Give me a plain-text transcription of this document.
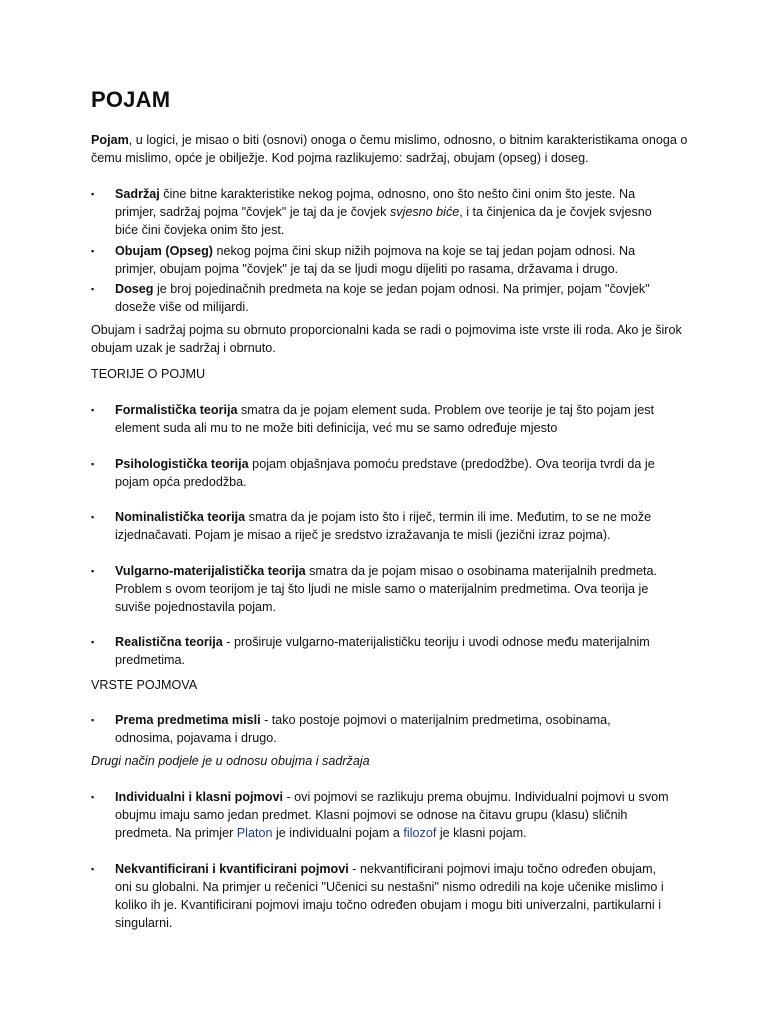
POJAM

Pojam, u logici, je misao o biti (osnovi) onoga o čemu mislimo, odnosno, o bitnim karakteristikama onoga o čemu mislimo, opće je obilježje. Kod pojma razlikujemo: sadržaj, obujam (opseg) i doseg.

▪	Sadržaj čine bitne karakteristike nekog pojma, odnosno, ono što nešto čini onim što jeste. Na primjer, sadržaj pojma "čovjek" je taj da je čovjek svjesno biće, i ta činjenica da je čovjek svjesno biće čini čovjeka onim što jest.
▪	Obujam (Opseg) nekog pojma čini skup nižih pojmova na koje se taj jedan pojam odnosi. Na primjer, obujam pojma "čovjek" je taj da se ljudi mogu dijeliti po rasama, državama i drugo.
▪	Doseg je broj pojedinačnih predmeta na koje se jedan pojam odnosi. Na primjer, pojam "čovjek" doseže više od milijardi.

Obujam i sadržaj pojma su obrnuto proporcionalni kada se radi o pojmovima iste vrste ili roda. Ako je širok obujam uzak je sadržaj i obrnuto.

TEORIJE O POJMU
▪	Formalistička teorija smatra da je pojam element suda. Problem ove teorije je taj što pojam jest element suda ali mu to ne može biti definicija, već mu se samo određuje mjesto
▪	Psihologistička teorija pojam objašnjava pomoću predstave (predodžbe). Ova teorija tvrdi da je pojam opća predodžba.
▪	Nominalistička teorija smatra da je pojam isto što i riječ, termin ili ime. Međutim, to se ne može izjednačavati. Pojam je misao a riječ je sredstvo izražavanja te misli (jezični izraz pojma).
▪	Vulgarno-materijalistička teorija smatra da je pojam misao o osobinama materijalnih predmeta. Problem s ovom teorijom je taj što ljudi ne misle samo o materijalnim predmetima. Ova teorija je suviše pojednostavila pojam.
▪	Realistična teorija - proširuje vulgarno-materijalističku teoriju i uvodi odnose među materijalnim predmetima.
VRSTE POJMOVA
▪	Prema predmetima misli - tako postoje pojmovi o materijalnim predmetima, osobinama, odnosima, pojavama i drugo.
Drugi način podjele je u odnosu obujma i sadržaja
▪	Individualni i klasni pojmovi - ovi pojmovi se razlikuju prema obujmu. Individualni pojmovi u svom obujmu imaju samo jedan predmet. Klasni pojmovi se odnose na čitavu grupu (klasu) sličnih predmeta. Na primjer Platon je individualni pojam a filozof je klasni pojam.
▪	Nekvantificirani i kvantificirani pojmovi - nekvantificirani pojmovi imaju točno određen obujam, oni su globalni. Na primjer u rečenici "Učenici su nestašni" nismo odredili na koje učenike mislimo i koliko ih je. Kvantificirani pojmovi imaju točno određen obujam i mogu biti univerzalni, partikularni i singularni.
